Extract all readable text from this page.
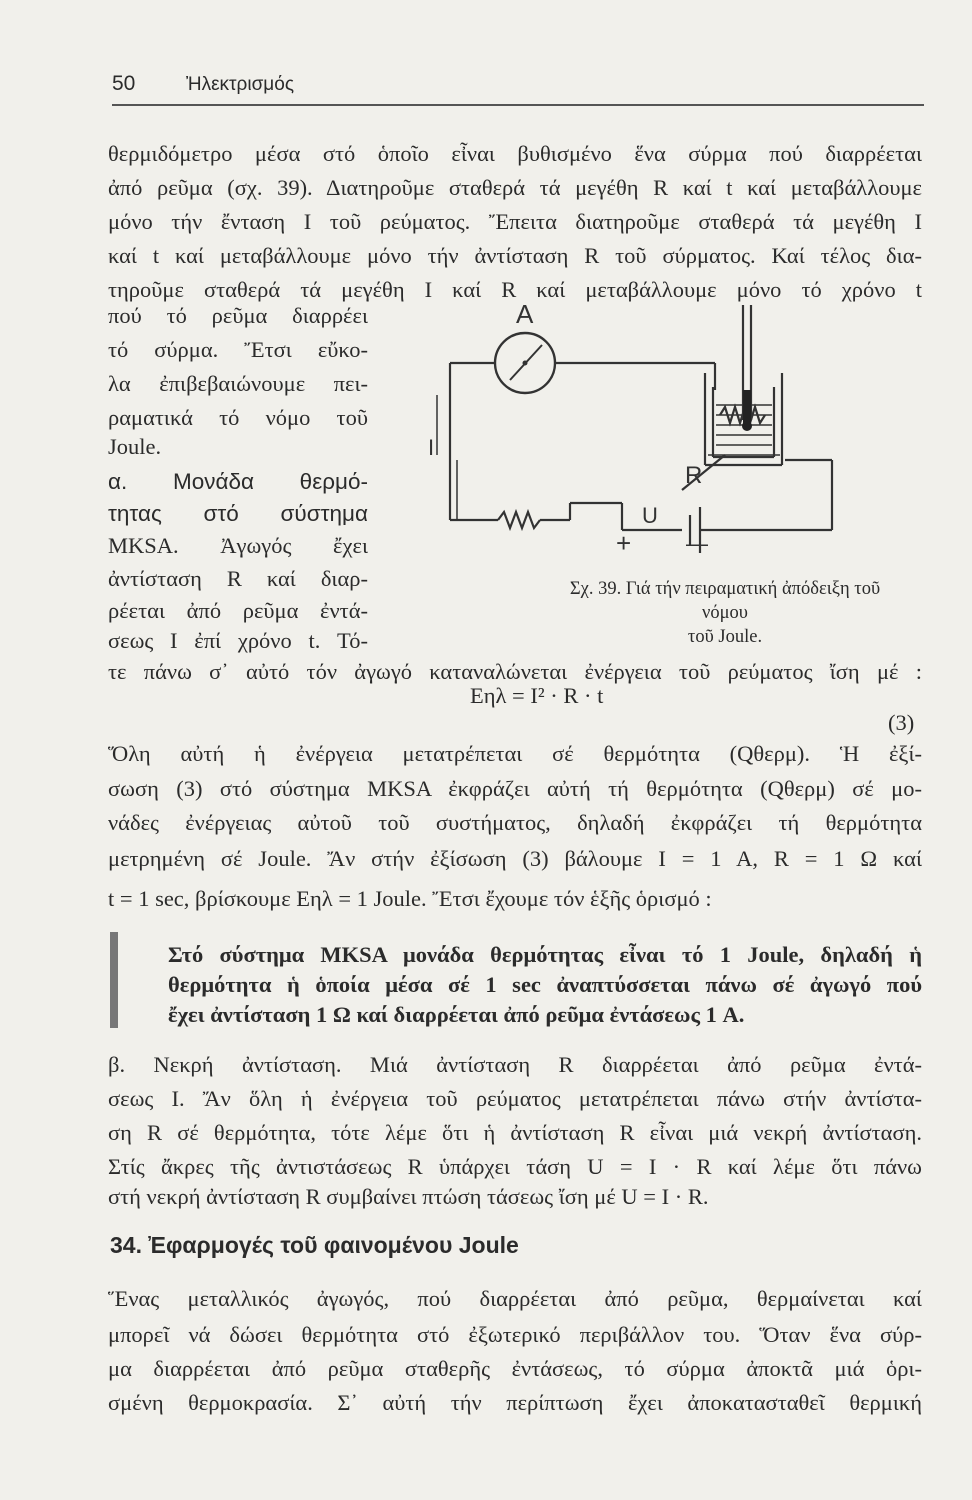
50	Ἠλεκτρισμός
θερμιδόμετρο μέσα στό ὁποῖο εἶναι βυθισμένο ἕνα σύρμα πού διαρρέεται
ἀπό ρεῦμα (σχ. 39). Διατηροῦμε σταθερά τά μεγέθη R καί t καί μεταβάλλουμε
μόνο τήν ἔνταση I τοῦ ρεύματος. Ἔπειτα διατηροῦμε σταθερά τά μεγέθη I
καί t καί μεταβάλλουμε μόνο τήν ἀντίσταση R τοῦ σύρματος. Καί τέλος δια-
τηροῦμε σταθερά τά μεγέθη I καί R καί μεταβάλλουμε μόνο τό χρόνο t
πού τό ρεῦμα διαρρέει
τό σύρμα. Ἔτσι εὔκο-
λα ἐπιβεβαιώνουμε πει-
ραματικά τό νόμο τοῦ
Joule.
α. Μονάδα θερμό-
τητας στό σύστημα
MKSA. Ἀγωγός ἔχει
ἀντίσταση R καί διαρ-
ρέεται ἀπό ρεῦμα ἐντά-
σεως I ἐπί χρόνο t. Τό-
A
I
R
U
+ —
Σχ. 39. Γιά τήν πειραματική ἀπόδειξη τοῦ νόμου
τοῦ Joule.
τε πάνω σ᾽ αὐτό τόν ἀγωγό καταναλώνεται ἐνέργεια τοῦ ρεύματος ἴση μέ :
Eηλ = I² · R · t
(3)
Ὅλη αὐτή ἡ ἐνέργεια μετατρέπεται σέ θερμότητα (Qθερμ). Ἡ ἐξί-
σωση (3) στό σύστημα MKSA ἐκφράζει αὐτή τή θερμότητα (Qθερμ) σέ μο-
νάδες ἐνέργειας αὐτοῦ τοῦ συστήματος, δηλαδή ἐκφράζει τή θερμότητα
μετρημένη σέ Joule. Ἄν στήν ἐξίσωση (3) βάλουμε I = 1 A, R = 1 Ω καί
t = 1 sec, βρίσκουμε Eηλ = 1 Joule. Ἔτσι ἔχουμε τόν ἑξῆς ὁρισμό :
Στό σύστημα MKSA μονάδα θερμότητας εἶναι τό 1 Joule, δηλαδή ἡ
θερμότητα ἡ ὁποία μέσα σέ 1 sec ἀναπτύσσεται πάνω σέ ἀγωγό πού
ἔχει ἀντίσταση 1 Ω καί διαρρέεται ἀπό ρεῦμα ἐντάσεως 1 A.
β. Νεκρή ἀντίσταση. Μιά ἀντίσταση R διαρρέεται ἀπό ρεῦμα ἐντά-
σεως I. Ἄν ὅλη ἡ ἐνέργεια τοῦ ρεύματος μετατρέπεται πάνω στήν ἀντίστα-
ση R σέ θερμότητα, τότε λέμε ὅτι ἡ ἀντίσταση R εἶναι μιά νεκρή ἀντίσταση.
Στίς ἄκρες τῆς ἀντιστάσεως R ὑπάρχει τάση U = I · R καί λέμε ὅτι πάνω
στή νεκρή ἀντίσταση R συμβαίνει πτώση τάσεως ἴση μέ U = I · R.
34. Ἐφαρμογές τοῦ φαινομένου Joule
Ἕνας μεταλλικός ἀγωγός, πού διαρρέεται ἀπό ρεῦμα, θερμαίνεται καί
μπορεῖ νά δώσει θερμότητα στό ἐξωτερικό περιβάλλον του. Ὅταν ἕνα σύρ-
μα διαρρέεται ἀπό ρεῦμα σταθερῆς ἐντάσεως, τό σύρμα ἀποκτᾶ μιά ὁρι-
σμένη θερμοκρασία. Σ᾽ αὐτή τήν περίπτωση ἔχει ἀποκατασταθεῖ θερμική
